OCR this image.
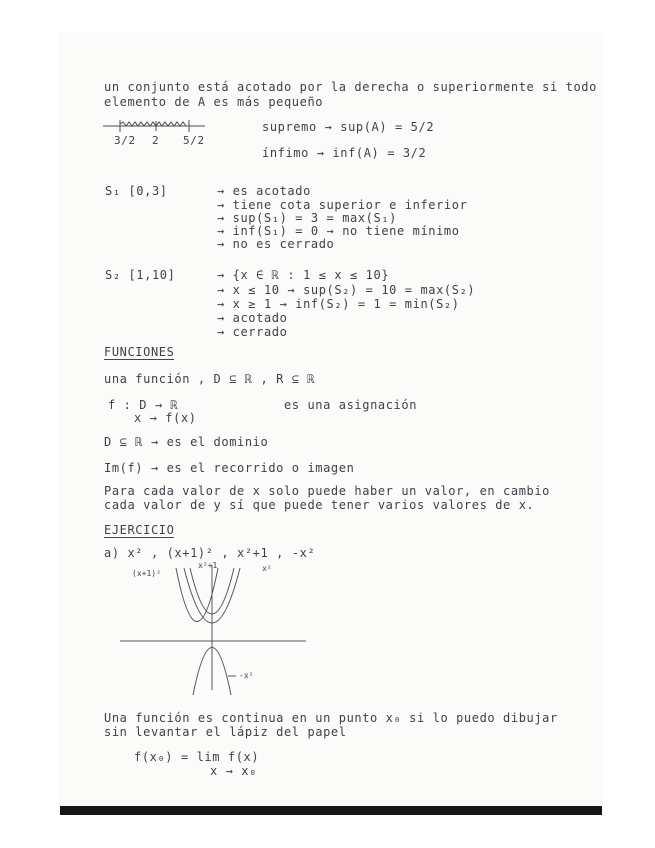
un conjunto está acotado por la derecha o superiormente si todo
elemento de A es más pequeño
3/2 2 5/2
supremo → sup(A) = 5/2
ínfimo → inf(A) = 3/2
S₁ [0,3]	→ es acotado
→ tiene cota superior e inferior
→ sup(S₁) = 3 = max(S₁)
→ inf(S₁) = 0 → no tiene mínimo
→ no es cerrado
S₂ [1,10]	→ {x ∈ ℝ : 1 ≤ x ≤ 10}
→ x ≤ 10 → sup(S₂) = 10 = max(S₂)
→ x ≥ 1 → inf(S₂) = 1 = min(S₂)
→ acotado
→ cerrado
FUNCIONES
una función , D ⊆ ℝ , R ⊆ ℝ
f : D → ℝ
x → f(x)
es una asignación
D ⊆ ℝ → es el dominio
Im(f) → es el recorrido o imagen
Para cada valor de x solo puede haber un valor, en cambio
cada valor de y sí que puede tener varios valores de x.
EJERCICIO
a) x² , (x+1)² , x²+1 , -x²
(x+1)²
x²+1	x²
-x²
Una función es continua en un punto x₀ si lo puedo dibujar
sin levantar el lápiz del papel
f(x₀) = lim f(x)
x → x₀
